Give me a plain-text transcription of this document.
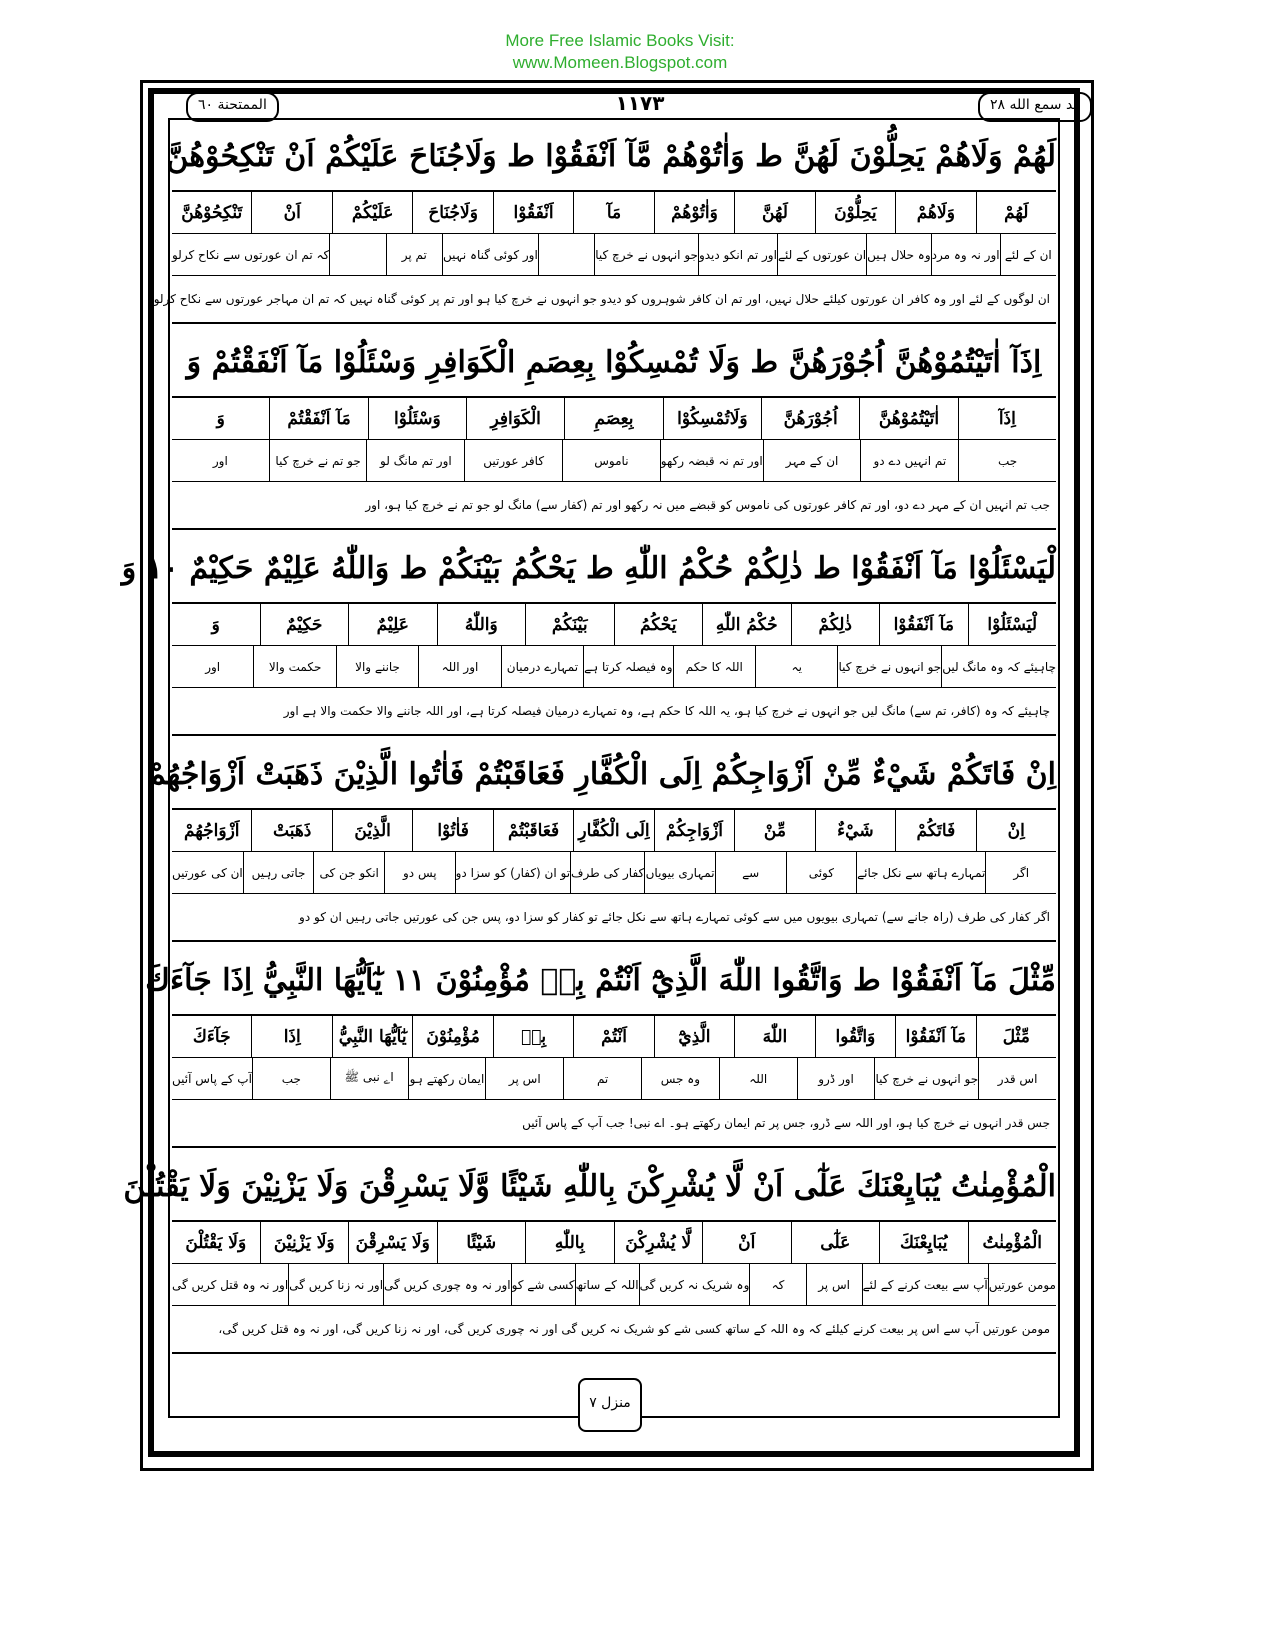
More Free Islamic Books Visit:
www.Momeen.Blogspot.com
الممتحنة ٦٠	١١٧٣	قد سمع الله ٢٨
لَهُمْ وَلَاهُمْ يَحِلُّوْنَ لَهُنَّ ط وَاٰتُوْهُمْ مَّآ اَنْفَقُوْا ط وَلَاجُنَاحَ عَلَيْكُمْ اَنْ تَنْكِحُوْهُنَّ
لَهُمْ
وَلَاهُمْ
يَحِلُّوْنَ
لَهُنَّ
وَاٰتُوْهُمْ
مَآ
اَنْفَقُوْا
وَلَاجُنَاحَ
عَلَيْكُمْ
اَنْ
تَنْكِحُوْهُنَّ
ان کے لئے
اور نہ وہ مرد
وہ حلال ہیں
ان عورتوں کے لئے
اور تم انکو دیدو
جو انہوں نے خرچ کیا
اور کوئی گناہ نہیں
تم پر
کہ تم ان عورتوں سے نکاح کرلو
ان لوگوں کے لئے اور وہ کافر ان عورتوں کیلئے حلال نہیں، اور تم ان کافر شوہروں کو دیدو جو انہوں نے خرچ کیا ہو اور تم پر کوئی گناہ نہیں کہ تم ان مہاجر عورتوں سے نکاح کرلو
اِذَآ اٰتَيْتُمُوْهُنَّ اُجُوْرَهُنَّ ط وَلَا تُمْسِكُوْا بِعِصَمِ الْكَوَافِرِ وَسْئَلُوْا مَآ اَنْفَقْتُمْ وَ
اِذَآ
اٰتَيْتُمُوْهُنَّ
اُجُوْرَهُنَّ
وَلَاتُمْسِكُوْا
بِعِصَمِ
الْكَوَافِرِ
وَسْئَلُوْا
مَآ اَنْفَقْتُمْ
وَ
جب
تم انہیں دے دو
ان کے مہر
اور تم نہ قبضہ رکھو
ناموس
کافر عورتیں
اور تم مانگ لو
جو تم نے خرچ کیا
اور
جب تم انہیں ان کے مہر دے دو، اور تم کافر عورتوں کی ناموس کو قبضے میں نہ رکھو اور تم (کفار سے) مانگ لو جو تم نے خرچ کیا ہو، اور
لْيَسْئَلُوْا مَآ اَنْفَقُوْا ط ذٰلِكُمْ حُكْمُ اللّٰهِ ط يَحْكُمُ بَيْنَكُمْ ط وَاللّٰهُ عَلِيْمٌ حَكِيْمٌ ١٠ وَ
لْيَسْئَلُوْا
مَآ اَنْفَقُوْا
ذٰلِكُمْ
حُكْمُ اللّٰهِ
يَحْكُمُ
بَيْنَكُمْ
وَاللّٰهُ
عَلِيْمٌ
حَكِيْمٌ
وَ
چاہیئے کہ وہ مانگ لیں
جو انہوں نے خرچ کیا
یہ
اللہ کا حکم
وہ فیصلہ کرتا ہے
تمہارے درمیان
اور اللہ
جاننے والا
حکمت والا
اور
چاہیئے کہ وہ (کافر، تم سے) مانگ لیں جو انہوں نے خرچ کیا ہو، یہ اللہ کا حکم ہے، وہ تمہارے درمیان فیصلہ کرتا ہے، اور اللہ جاننے والا حکمت والا ہے اور
اِنْ فَاتَكُمْ شَيْءٌ مِّنْ اَزْوَاجِكُمْ اِلَى الْكُفَّارِ فَعَاقَبْتُمْ فَاٰتُوا الَّذِيْنَ ذَهَبَتْ اَزْوَاجُهُمْ
اِنْ
فَاتَكُمْ
شَيْءٌ
مِّنْ
اَزْوَاجِكُمْ
اِلَى الْكُفَّارِ
فَعَاقَبْتُمْ
فَاٰتُوْا
الَّذِيْنَ
ذَهَبَتْ
اَزْوَاجُهُمْ
اگر
تمہارے ہاتھ سے نکل جائے
کوئی
سے
تمہاری بیویاں
کفار کی طرف
تو ان (کفار) کو سزا دو
پس دو
انکو جن کی
جاتی رہیں
ان کی عورتیں
اگر کفار کی طرف (راہ جانے سے) تمہاری بیویوں میں سے کوئی تمہارے ہاتھ سے نکل جائے تو کفار کو سزا دو، پس جن کی عورتیں جاتی رہیں ان کو دو
مِّثْلَ مَآ اَنْفَقُوْا ط وَاتَّقُوا اللّٰهَ الَّذِيْٓ اَنْتُمْ بِهٖ مُؤْمِنُوْنَ ١١ يٰٓاَيُّهَا النَّبِيُّ اِذَا جَآءَكَ
مِّثْلَ
مَآ اَنْفَقُوْا
وَاتَّقُوا
اللّٰهَ
الَّذِيْٓ
اَنْتُمْ
بِهٖ
مُؤْمِنُوْنَ
يٰٓاَيُّهَا النَّبِيُّ
اِذَا
جَآءَكَ
اس قدر
جو انہوں نے خرچ کیا
اور ڈرو
اللہ
وہ جس
تم
اس پر
ایمان رکھتے ہو
اے نبی ﷺ
جب
آپ کے پاس آئیں
جس قدر انہوں نے خرچ کیا ہو، اور اللہ سے ڈرو، جس پر تم ایمان رکھتے ہو۔ اے نبی! جب آپ کے پاس آئیں
الْمُؤْمِنٰتُ يُبَايِعْنَكَ عَلٰٓى اَنْ لَّا يُشْرِكْنَ بِاللّٰهِ شَيْئًا وَّلَا يَسْرِقْنَ وَلَا يَزْنِيْنَ وَلَا يَقْتُلْنَ
الْمُؤْمِنٰتُ
يُبَايِعْنَكَ
عَلٰٓى
اَنْ
لَّا يُشْرِكْنَ
بِاللّٰهِ
شَيْئًا
وَلَا يَسْرِقْنَ
وَلَا يَزْنِيْنَ
وَلَا يَقْتُلْنَ
مومن عورتیں
آپ سے بیعت کرنے کے لئے
اس پر
کہ
وہ شریک نہ کریں گی
اللہ کے ساتھ
کسی شے کو
اور نہ وہ چوری کریں گی
اور نہ زنا کریں گی
اور نہ وہ قتل کریں گی
مومن عورتیں آپ سے اس پر بیعت کرنے کیلئے کہ وہ اللہ کے ساتھ کسی شے کو شریک نہ کریں گی اور نہ چوری کریں گی، اور نہ زنا کریں گی، اور نہ وہ قتل کریں گی،
منزل ٧
